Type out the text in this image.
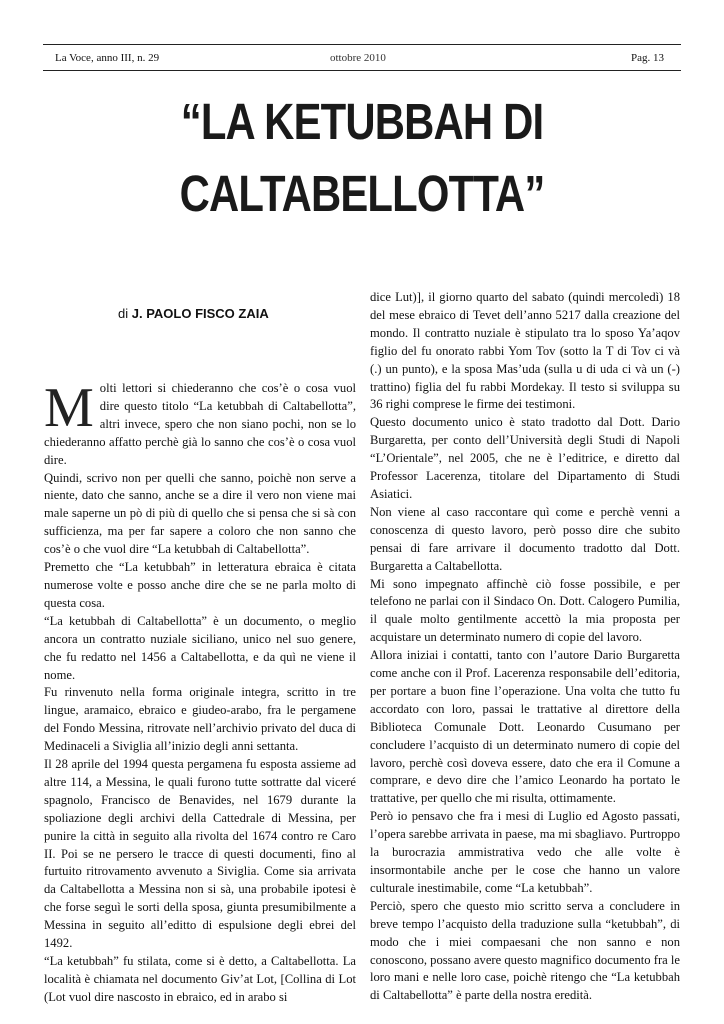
La Voce, anno III, n. 29	ottobre 2010	Pag. 13
“LA KETUBBAH DI
CALTABELLOTTA”
di J. PAOLO FISCO ZAIA

Molti lettori si chiederanno che cos’è o cosa vuol dire questo titolo “La ketubbah di Caltabellotta”, altri invece, spero che non siano pochi, non se lo chiederanno affatto perchè già lo sanno che cos’è o cosa vuol dire.

Quindi, scrivo non per quelli che sanno, poichè non serve a niente, dato che sanno, anche se a dire il vero non viene mai male saperne un pò di più di quello che si pensa che si sà con sufficienza, ma per far sapere a coloro che non sanno che cos’è o che vuol dire “La ketubbah di Caltabellotta”.

Premetto che “La ketubbah” in letteratura ebraica è citata numerose volte e posso anche dire che se ne parla molto di questa cosa.

“La ketubbah di Caltabellotta” è un documento, o meglio ancora un contratto nuziale siciliano, unico nel suo genere, che fu redatto nel 1456 a Caltabellotta, e da quì ne viene il nome.

Fu rinvenuto nella forma originale integra, scritto in tre lingue, aramaico, ebraico e giudeo-arabo, fra le pergamene del Fondo Messina, ritrovate nell’archivio privato del duca di Medinaceli a Siviglia all’inizio degli anni settanta.

Il 28 aprile del 1994 questa pergamena fu esposta assieme ad altre 114, a Messina, le quali furono tutte sottratte dal viceré spagnolo, Francisco de Benavides, nel 1679 durante la spoliazione degli archivi della Cattedrale di Messina, per punire la città in seguito alla rivolta del 1674 contro re Caro II. Poi se ne persero le tracce di questi documenti, fino al furtuito ritrovamento avvenuto a Siviglia. Come sia arrivata da Caltabellotta a Messina non si sà, una probabile ipotesi è che forse seguì le sorti della sposa, giunta presumibilmente a Messina in seguito all’editto di espulsione degli ebrei del 1492.

“La ketubbah” fu stilata, come si è detto, a Caltabellotta. La località è chiamata nel documento Giv’at Lot, [Collina di Lot (Lot vuol dire nascosto in ebraico, ed in arabo si

dice Lut)], il giorno quarto del sabato (quindi mercoledì) 18 del mese ebraico di Tevet dell’anno 5217 dalla creazione del mondo. Il contratto nuziale è stipulato tra lo sposo Ya’aqov figlio del fu onorato rabbi Yom Tov (sotto la T di Tov ci và (.) un punto), e la sposa Mas’uda (sulla u di uda ci và un (-) trattino) figlia del fu rabbi Mordekay. Il testo si sviluppa su 36 righi comprese le firme dei testimoni.

Questo documento unico è stato tradotto dal Dott. Dario Burgaretta, per conto dell’Università degli Studi di Napoli “L’Orientale”, nel 2005, che ne è l’editrice, e diretto dal Professor Lacerenza, titolare del Dipartamento di Studi Asiatici.

Non viene al caso raccontare quì come e perchè venni a conoscenza di questo lavoro, però posso dire che subito pensai di fare arrivare il documento tradotto dal Dott. Burgaretta a Caltabellotta.

Mi sono impegnato affinchè ciò fosse possibile, e per telefono ne parlai con il Sindaco On. Dott. Calogero Pumilia, il quale molto gentilmente accettò la mia proposta per acquistare un determinato numero di copie del lavoro.

Allora iniziai i contatti, tanto con l’autore Dario Burgaretta come anche con il Prof. Lacerenza responsabile dell’editoria, per portare a buon fine l’operazione. Una volta che tutto fu accordato con loro, passai le trattative al direttore della Biblioteca Comunale Dott. Leonardo Cusumano per concludere l’acquisto di un determinato numero di copie del lavoro, perchè così doveva essere, dato che era il Comune a comprare, e devo dire che l’amico Leonardo ha portato le trattative, per quello che mi risulta, ottimamente.

Però io pensavo che fra i mesi di Luglio ed Agosto passati, l’opera sarebbe arrivata in paese, ma mi sbagliavo. Purtroppo la burocrazia ammistrativa vedo che alle volte è insormontabile anche per le cose che hanno un valore culturale inestimabile, come “La ketubbah”.

Perciò, spero che questo mio scritto serva a concludere in breve tempo l’acquisto della traduzione sulla “ketubbah”, di modo che i miei compaesani che non sanno e non conoscono, possano avere questo magnifico documento fra le loro mani e nelle loro case, poichè ritengo che “La ketubbah di Caltabellotta” è parte della nostra eredità.
